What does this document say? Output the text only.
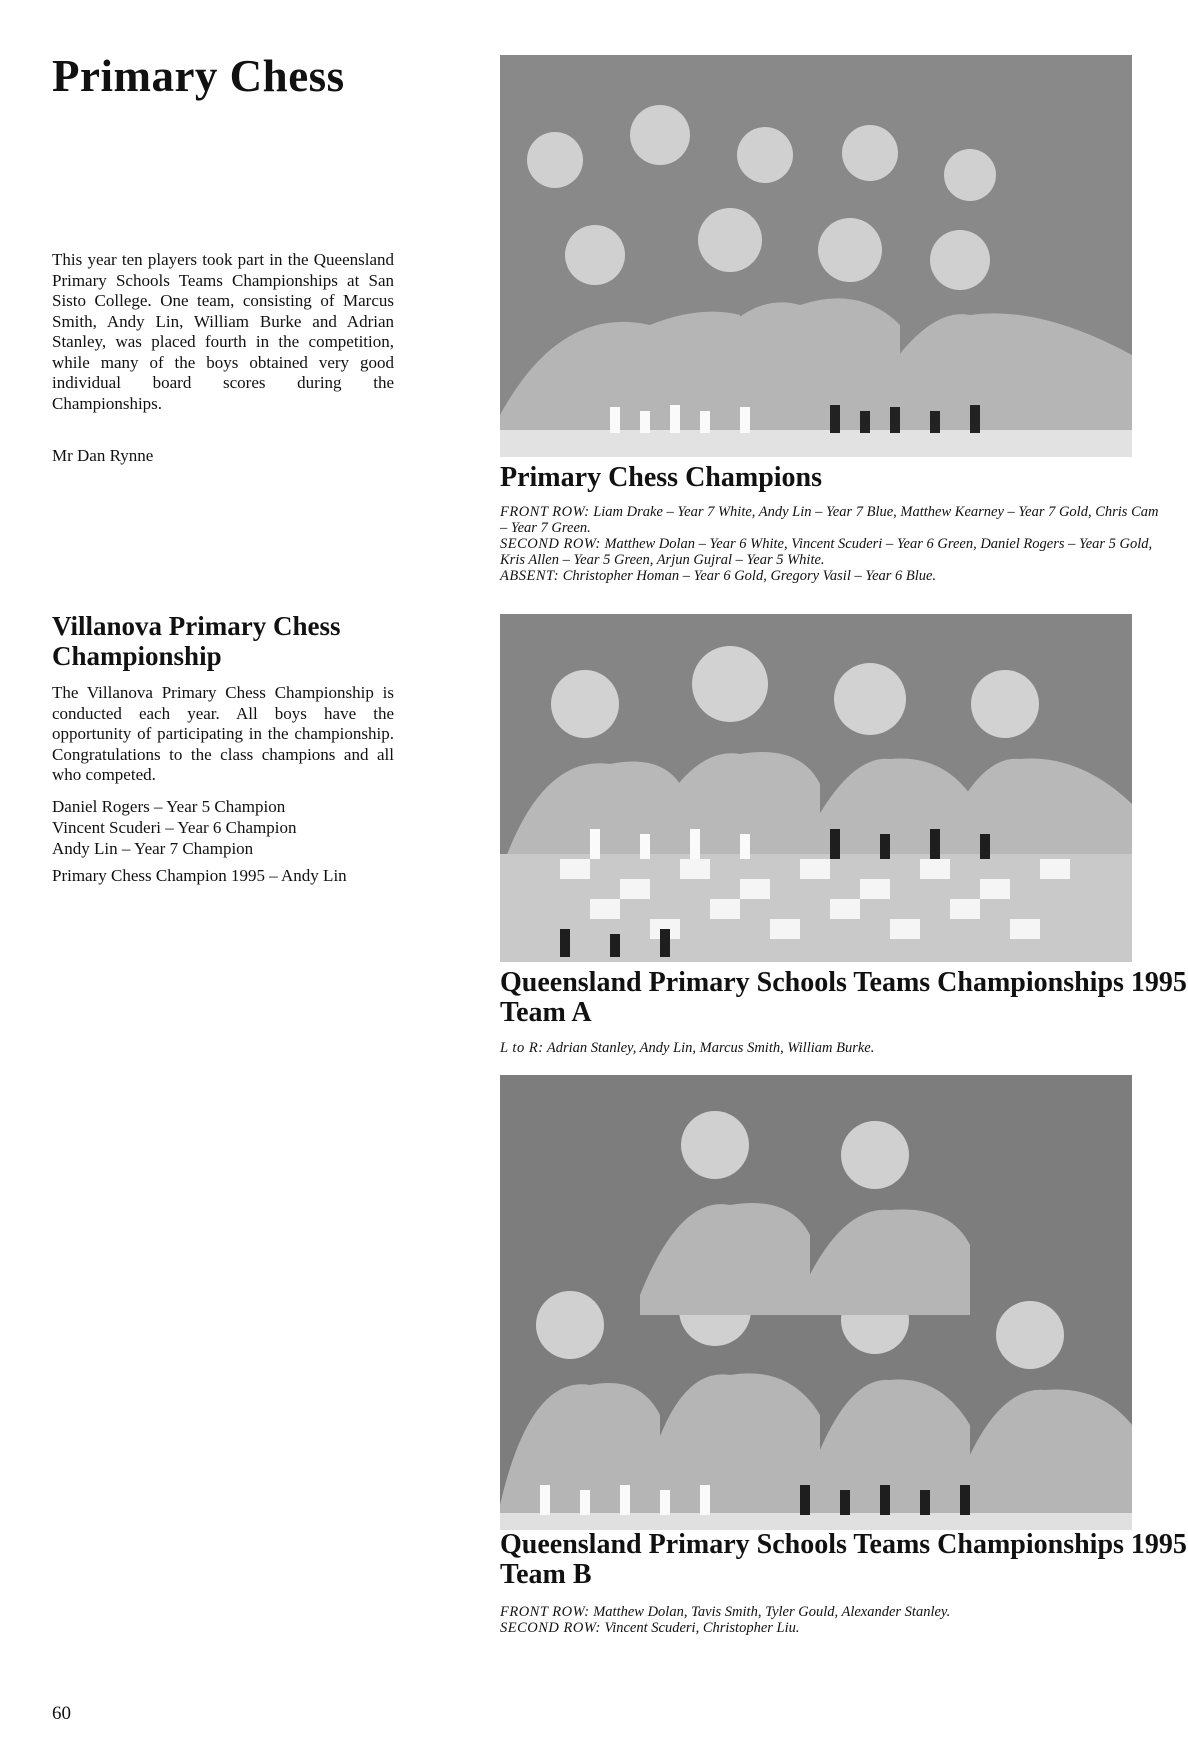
Primary Chess

This year ten players took part in the Queensland Primary Schools Teams Championships at San Sisto College. One team, consisting of Marcus Smith, Andy Lin, William Burke and Adrian Stanley, was placed fourth in the competition, while many of the boys obtained very good individual board scores during the Championships.

Mr Dan Rynne
Villanova Primary Chess Championship

The Villanova Primary Chess Championship is conducted each year. All boys have the opportunity of participating in the championship. Congratulations to the class champions and all who competed.

Daniel Rogers – Year 5 Champion
Vincent Scuderi – Year 6 Champion
Andy Lin – Year 7 Champion
Primary Chess Champion 1995 – Andy Lin
Primary Chess Champions
FRONT ROW: Liam Drake – Year 7 White, Andy Lin – Year 7 Blue, Matthew Kearney – Year 7 Gold, Chris Cam – Year 7 Green.
SECOND ROW: Matthew Dolan – Year 6 White, Vincent Scuderi – Year 6 Green, Daniel Rogers – Year 5 Gold, Kris Allen – Year 5 Green, Arjun Gujral – Year 5 White.
ABSENT: Christopher Homan – Year 6 Gold, Gregory Vasil – Year 6 Blue.
Queensland Primary Schools Teams Championships 1995 Team A
L to R: Adrian Stanley, Andy Lin, Marcus Smith, William Burke.
Queensland Primary Schools Teams Championships 1995 Team B
FRONT ROW: Matthew Dolan, Tavis Smith, Tyler Gould, Alexander Stanley.
SECOND ROW: Vincent Scuderi, Christopher Liu.
60
